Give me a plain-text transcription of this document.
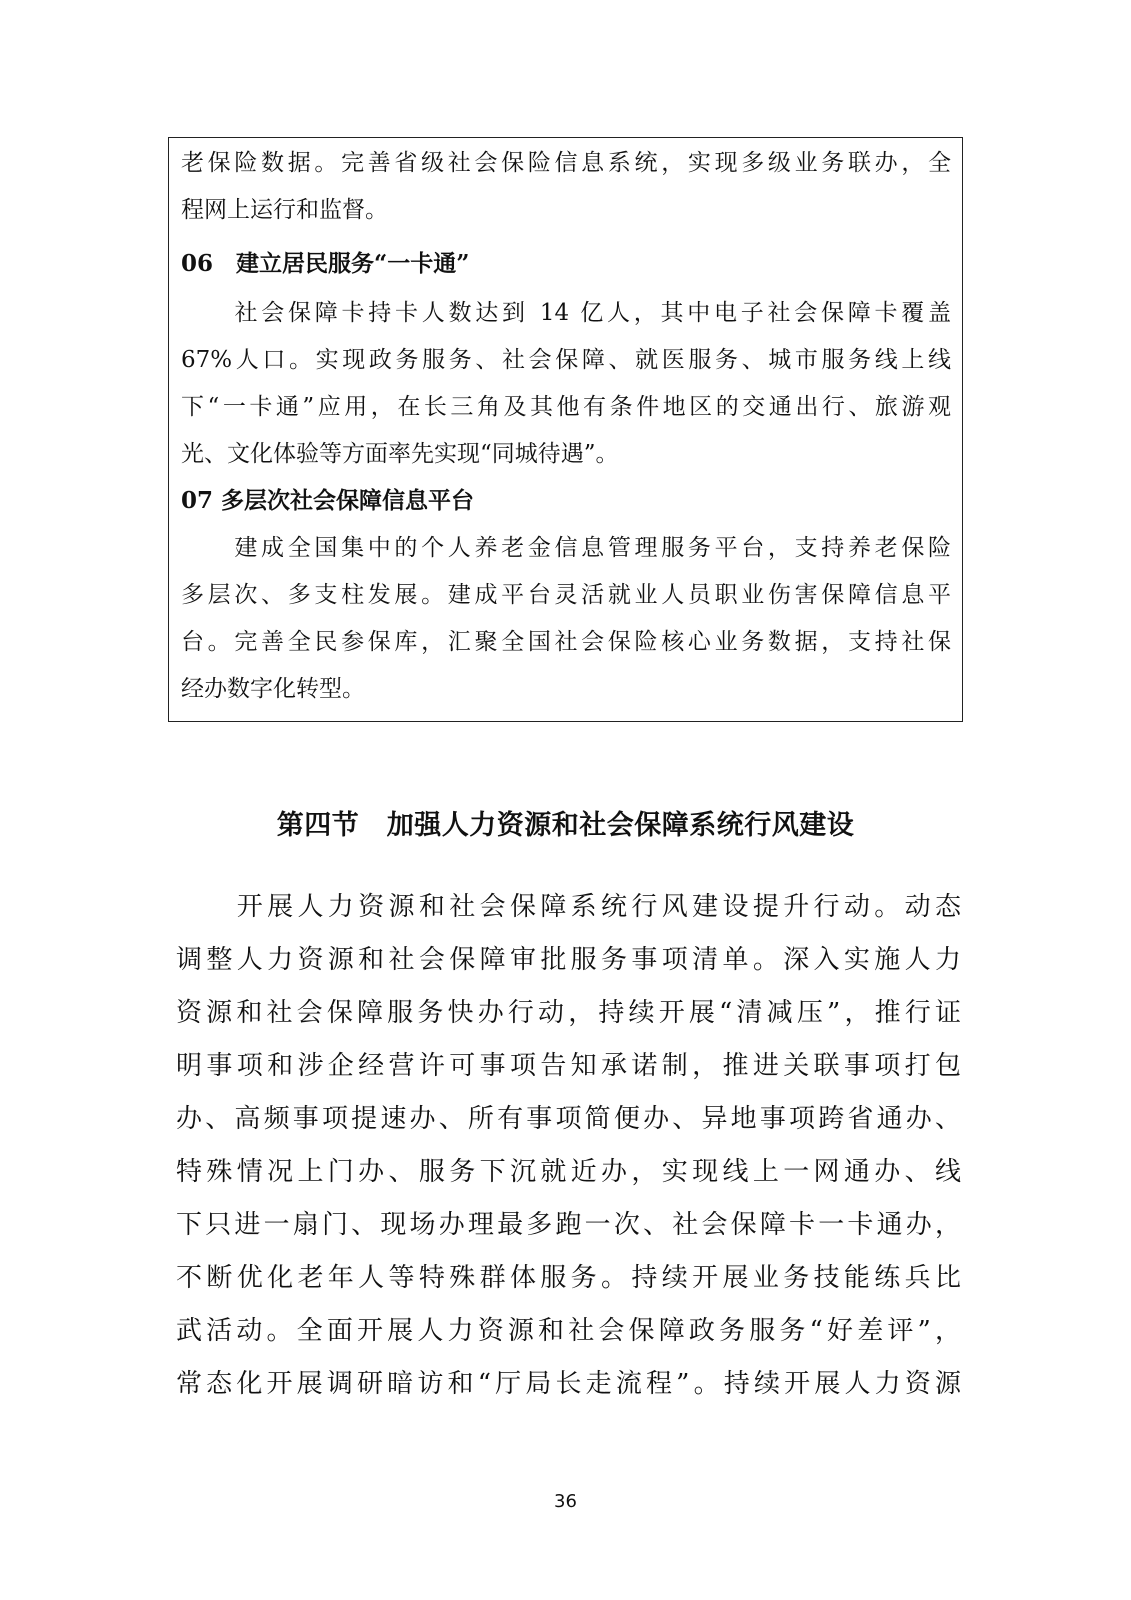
老保险数据。完善省级社会保险信息系统，实现多级业务联办，全
程网上运行和监督。
06　建立居民服务“一卡通”
　　社会保障卡持卡人数达到 14 亿人，其中电子社会保障卡覆盖
67%人口。实现政务服务、社会保障、就医服务、城市服务线上线
下“一卡通”应用，在长三角及其他有条件地区的交通出行、旅游观
光、文化体验等方面率先实现“同城待遇”。
07 多层次社会保障信息平台
　　建成全国集中的个人养老金信息管理服务平台，支持养老保险
多层次、多支柱发展。建成平台灵活就业人员职业伤害保障信息平
台。完善全民参保库，汇聚全国社会保险核心业务数据，支持社保
经办数字化转型。
第四节　加强人力资源和社会保障系统行风建设
　　开展人力资源和社会保障系统行风建设提升行动。动态
调整人力资源和社会保障审批服务事项清单。深入实施人力
资源和社会保障服务快办行动，持续开展“清减压”，推行证
明事项和涉企经营许可事项告知承诺制，推进关联事项打包
办、高频事项提速办、所有事项简便办、异地事项跨省通办、
特殊情况上门办、服务下沉就近办，实现线上一网通办、线
下只进一扇门、现场办理最多跑一次、社会保障卡一卡通办，
不断优化老年人等特殊群体服务。持续开展业务技能练兵比
武活动。全面开展人力资源和社会保障政务服务“好差评”，
常态化开展调研暗访和“厅局长走流程”。持续开展人力资源
36
